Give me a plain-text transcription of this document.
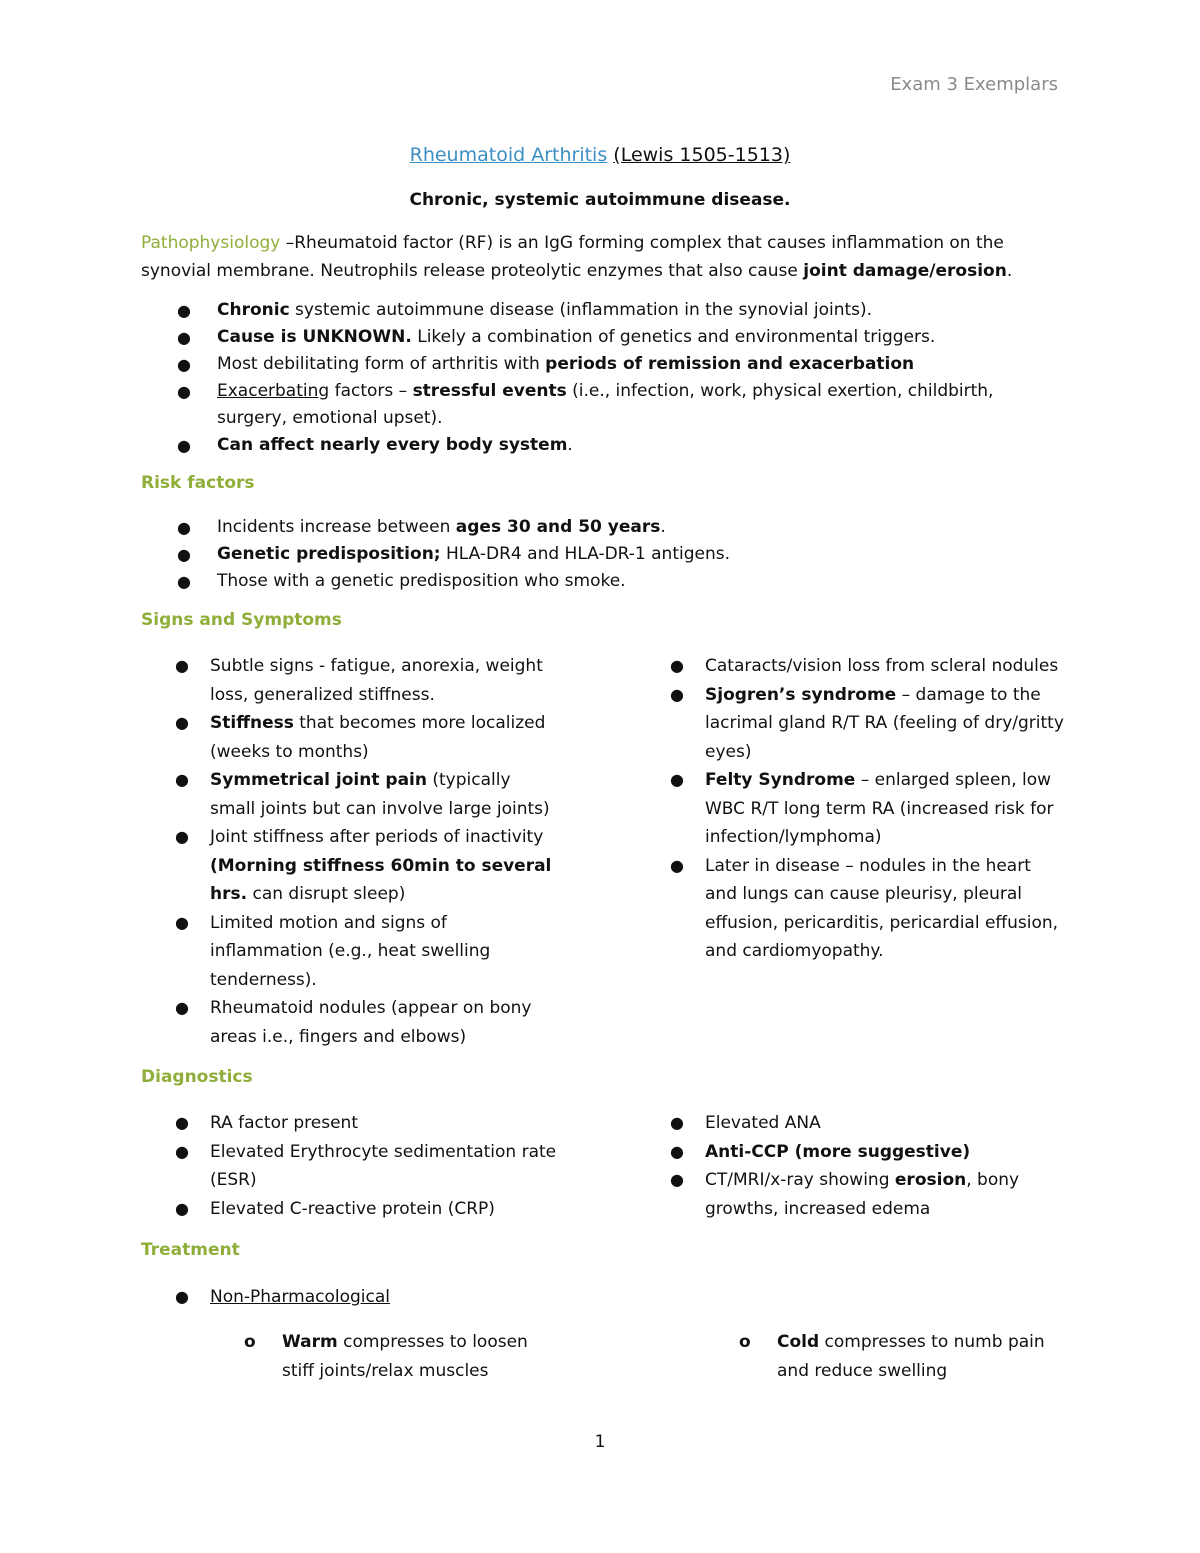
Exam 3 Exemplars
Rheumatoid Arthritis (Lewis 1505-1513)
Chronic, systemic autoimmune disease.
Pathophysiology –Rheumatoid factor (RF) is an IgG forming complex that causes inflammation on the synovial membrane. Neutrophils release proteolytic enzymes that also cause joint damage/erosion.
● Chronic systemic autoimmune disease (inflammation in the synovial joints).
● Cause is UNKNOWN. Likely a combination of genetics and environmental triggers.
● Most debilitating form of arthritis with periods of remission and exacerbation
● Exacerbating factors – stressful events (i.e., infection, work, physical exertion, childbirth, surgery, emotional upset).
● Can affect nearly every body system.
Risk factors
● Incidents increase between ages 30 and 50 years.
● Genetic predisposition; HLA-DR4 and HLA-DR-1 antigens.
● Those with a genetic predisposition who smoke.
Signs and Symptoms
● Subtle signs - fatigue, anorexia, weight loss, generalized stiffness.
● Stiffness that becomes more localized (weeks to months)
● Symmetrical joint pain (typically small joints but can involve large joints)
● Joint stiffness after periods of inactivity (Morning stiffness 60min to several hrs. can disrupt sleep)
● Limited motion and signs of inflammation (e.g., heat swelling tenderness).
● Rheumatoid nodules (appear on bony areas i.e., fingers and elbows)
● Cataracts/vision loss from scleral nodules
● Sjogren’s syndrome – damage to the lacrimal gland R/T RA (feeling of dry/gritty eyes)
● Felty Syndrome – enlarged spleen, low WBC R/T long term RA (increased risk for infection/lymphoma)
● Later in disease – nodules in the heart and lungs can cause pleurisy, pleural effusion, pericarditis, pericardial effusion, and cardiomyopathy.
Diagnostics
● RA factor present
● Elevated Erythrocyte sedimentation rate (ESR)
● Elevated C-reactive protein (CRP)
● Elevated ANA
● Anti-CCP (more suggestive)
● CT/MRI/x-ray showing erosion, bony growths, increased edema
Treatment
● Non-Pharmacological
o	Warm compresses to loosen stiff joints/relax muscles
o	Cold compresses to numb pain and reduce swelling
1
